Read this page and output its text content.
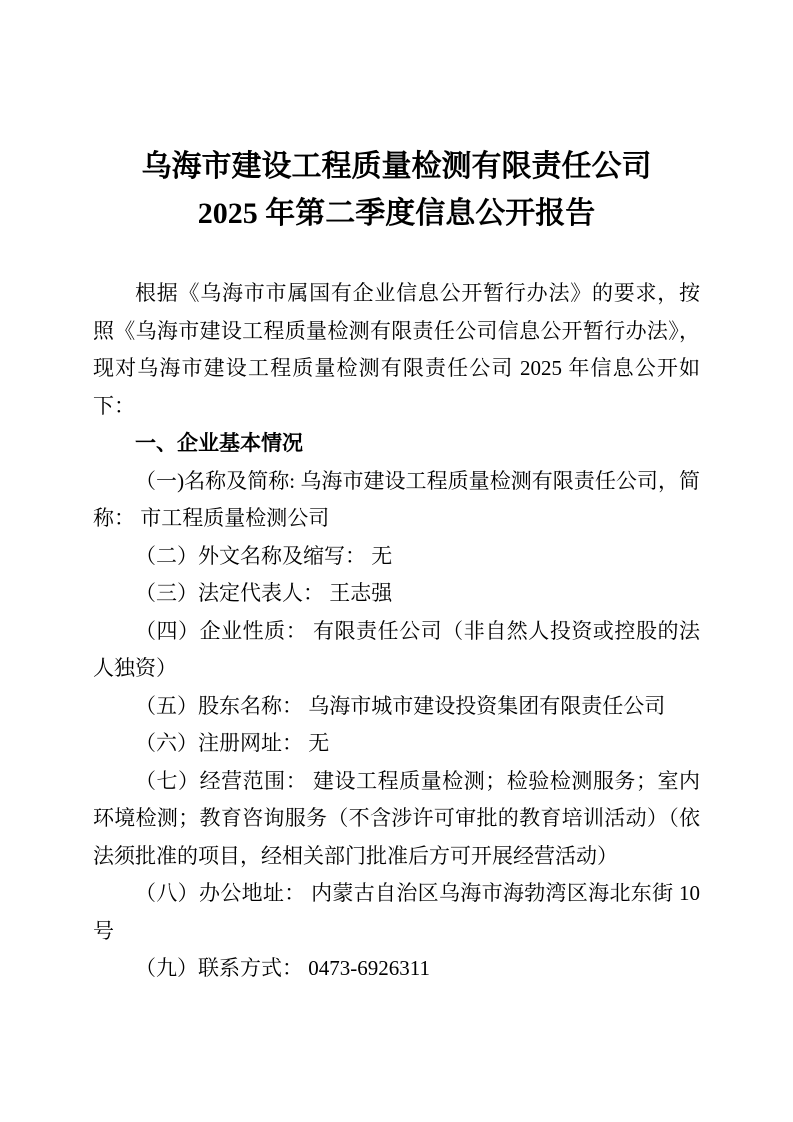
乌海市建设工程质量检测有限责任公司
2025 年第二季度信息公开报告

根据《乌海市市属国有企业信息公开暂行办法》的要求，按照《乌海市建设工程质量检测有限责任公司信息公开暂行办法》，现对乌海市建设工程质量检测有限责任公司 2025 年信息公开如下：

一、企业基本情况

（一)名称及简称: 乌海市建设工程质量检测有限责任公司，简称： 市工程质量检测公司

（二）外文名称及缩写： 无

（三）法定代表人： 王志强

（四）企业性质： 有限责任公司（非自然人投资或控股的法人独资）

（五）股东名称： 乌海市城市建设投资集团有限责任公司

（六）注册网址： 无

（七）经营范围： 建设工程质量检测；检验检测服务；室内环境检测；教育咨询服务（不含涉许可审批的教育培训活动）（依法须批准的项目，经相关部门批准后方可开展经营活动）

（八）办公地址： 内蒙古自治区乌海市海勃湾区海北东街 10 号

（九）联系方式： 0473-6926311
